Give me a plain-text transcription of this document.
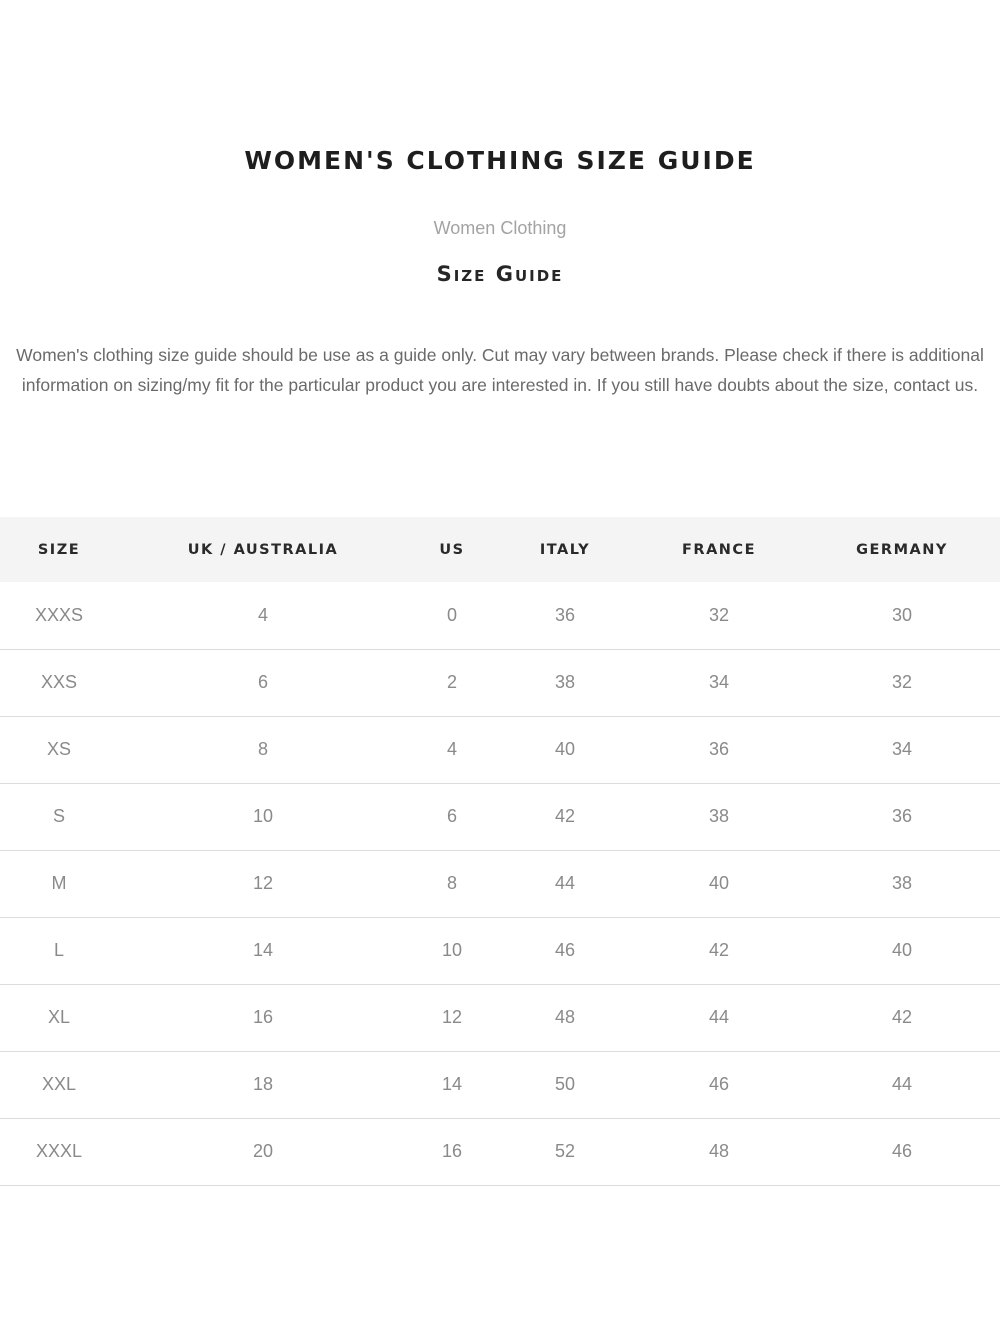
WOMEN'S CLOTHING SIZE GUIDE
Women Clothing
Size Guide

Women's clothing size guide should be use as a guide only. Cut may vary between brands. Please check if there is additional information on sizing/my fit for the particular product you are interested in. If you still have doubts about the size, contact us.

SIZE	UK / AUSTRALIA	US	ITALY	FRANCE	GERMANY
XXXS	4	0	36	32	30
XXS	6	2	38	34	32
XS	8	4	40	36	34
S	10	6	42	38	36
M	12	8	44	40	38
L	14	10	46	42	40
XL	16	12	48	44	42
XXL	18	14	50	46	44
XXXL	20	16	52	48	46
